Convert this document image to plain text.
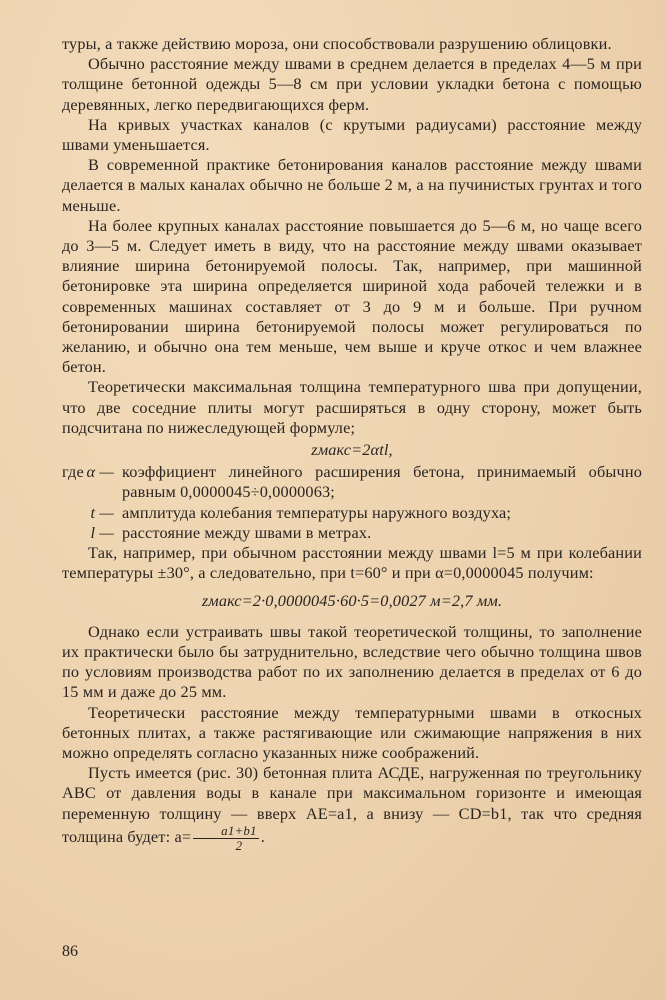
туры, а также действию мороза, они способствовали разрушению облицовки.

Обычно расстояние между швами в среднем делается в пределах 4—5 м при толщине бетонной одежды 5—8 см при условии укладки бетона с помощью деревянных, легко передвигающихся ферм.

На кривых участках каналов (с крутыми радиусами) расстояние между швами уменьшается.

В современной практике бетонирования каналов расстояние между швами делается в малых каналах обычно не больше 2 м, а на пучинистых грунтах и того меньше.

На более крупных каналах расстояние повышается до 5—6 м, но чаще всего до 3—5 м. Следует иметь в виду, что на расстояние между швами оказывает влияние ширина бетонируемой полосы. Так, например, при машинной бетонировке эта ширина определяется шириной хода рабочей тележки и в современных машинах составляет от 3 до 9 м и больше. При ручном бетонировании ширина бетонируемой полосы может регулироваться по желанию, и обычно она тем меньше, чем выше и круче откос и чем влажнее бетон.

Теоретически максимальная толщина температурного шва при допущении, что две соседние плиты могут расширяться в одну сторону, может быть подсчитана по нижеследующей формуле;

zмакс=2αtl,
где α — коэффициент линейного расширения бетона, принимаемый обычно равным 0,0000045÷0,0000063;
t — амплитуда колебания температуры наружного воздуха;
l — расстояние между швами в метрах.

Так, например, при обычном расстоянии между швами l=5 м при колебании температуры ±30°, а следовательно, при t=60° и при α=0,0000045 получим:

zмакс=2·0,0000045·60·5=0,0027 м=2,7 мм.

Однако если устраивать швы такой теоретической толщины, то заполнение их практически было бы затруднительно, вследствие чего обычно толщина швов по условиям производства работ по их заполнению делается в пределах от 6 до 15 мм и даже до 25 мм.

Теоретически расстояние между температурными швами в откосных бетонных плитах, а также растягивающие или сжимающие напряжения в них можно определять согласно указанных ниже соображений.

Пусть имеется (рис. 30) бетонная плита АСДЕ, нагруженная по треугольнику АВС от давления воды в канале при максимальном горизонте и имеющая переменную толщину — вверх AE=a1, а внизу — CD=b1, так что средняя толщина будет: $a= \frac{a1+b1}{2}$ .

86
